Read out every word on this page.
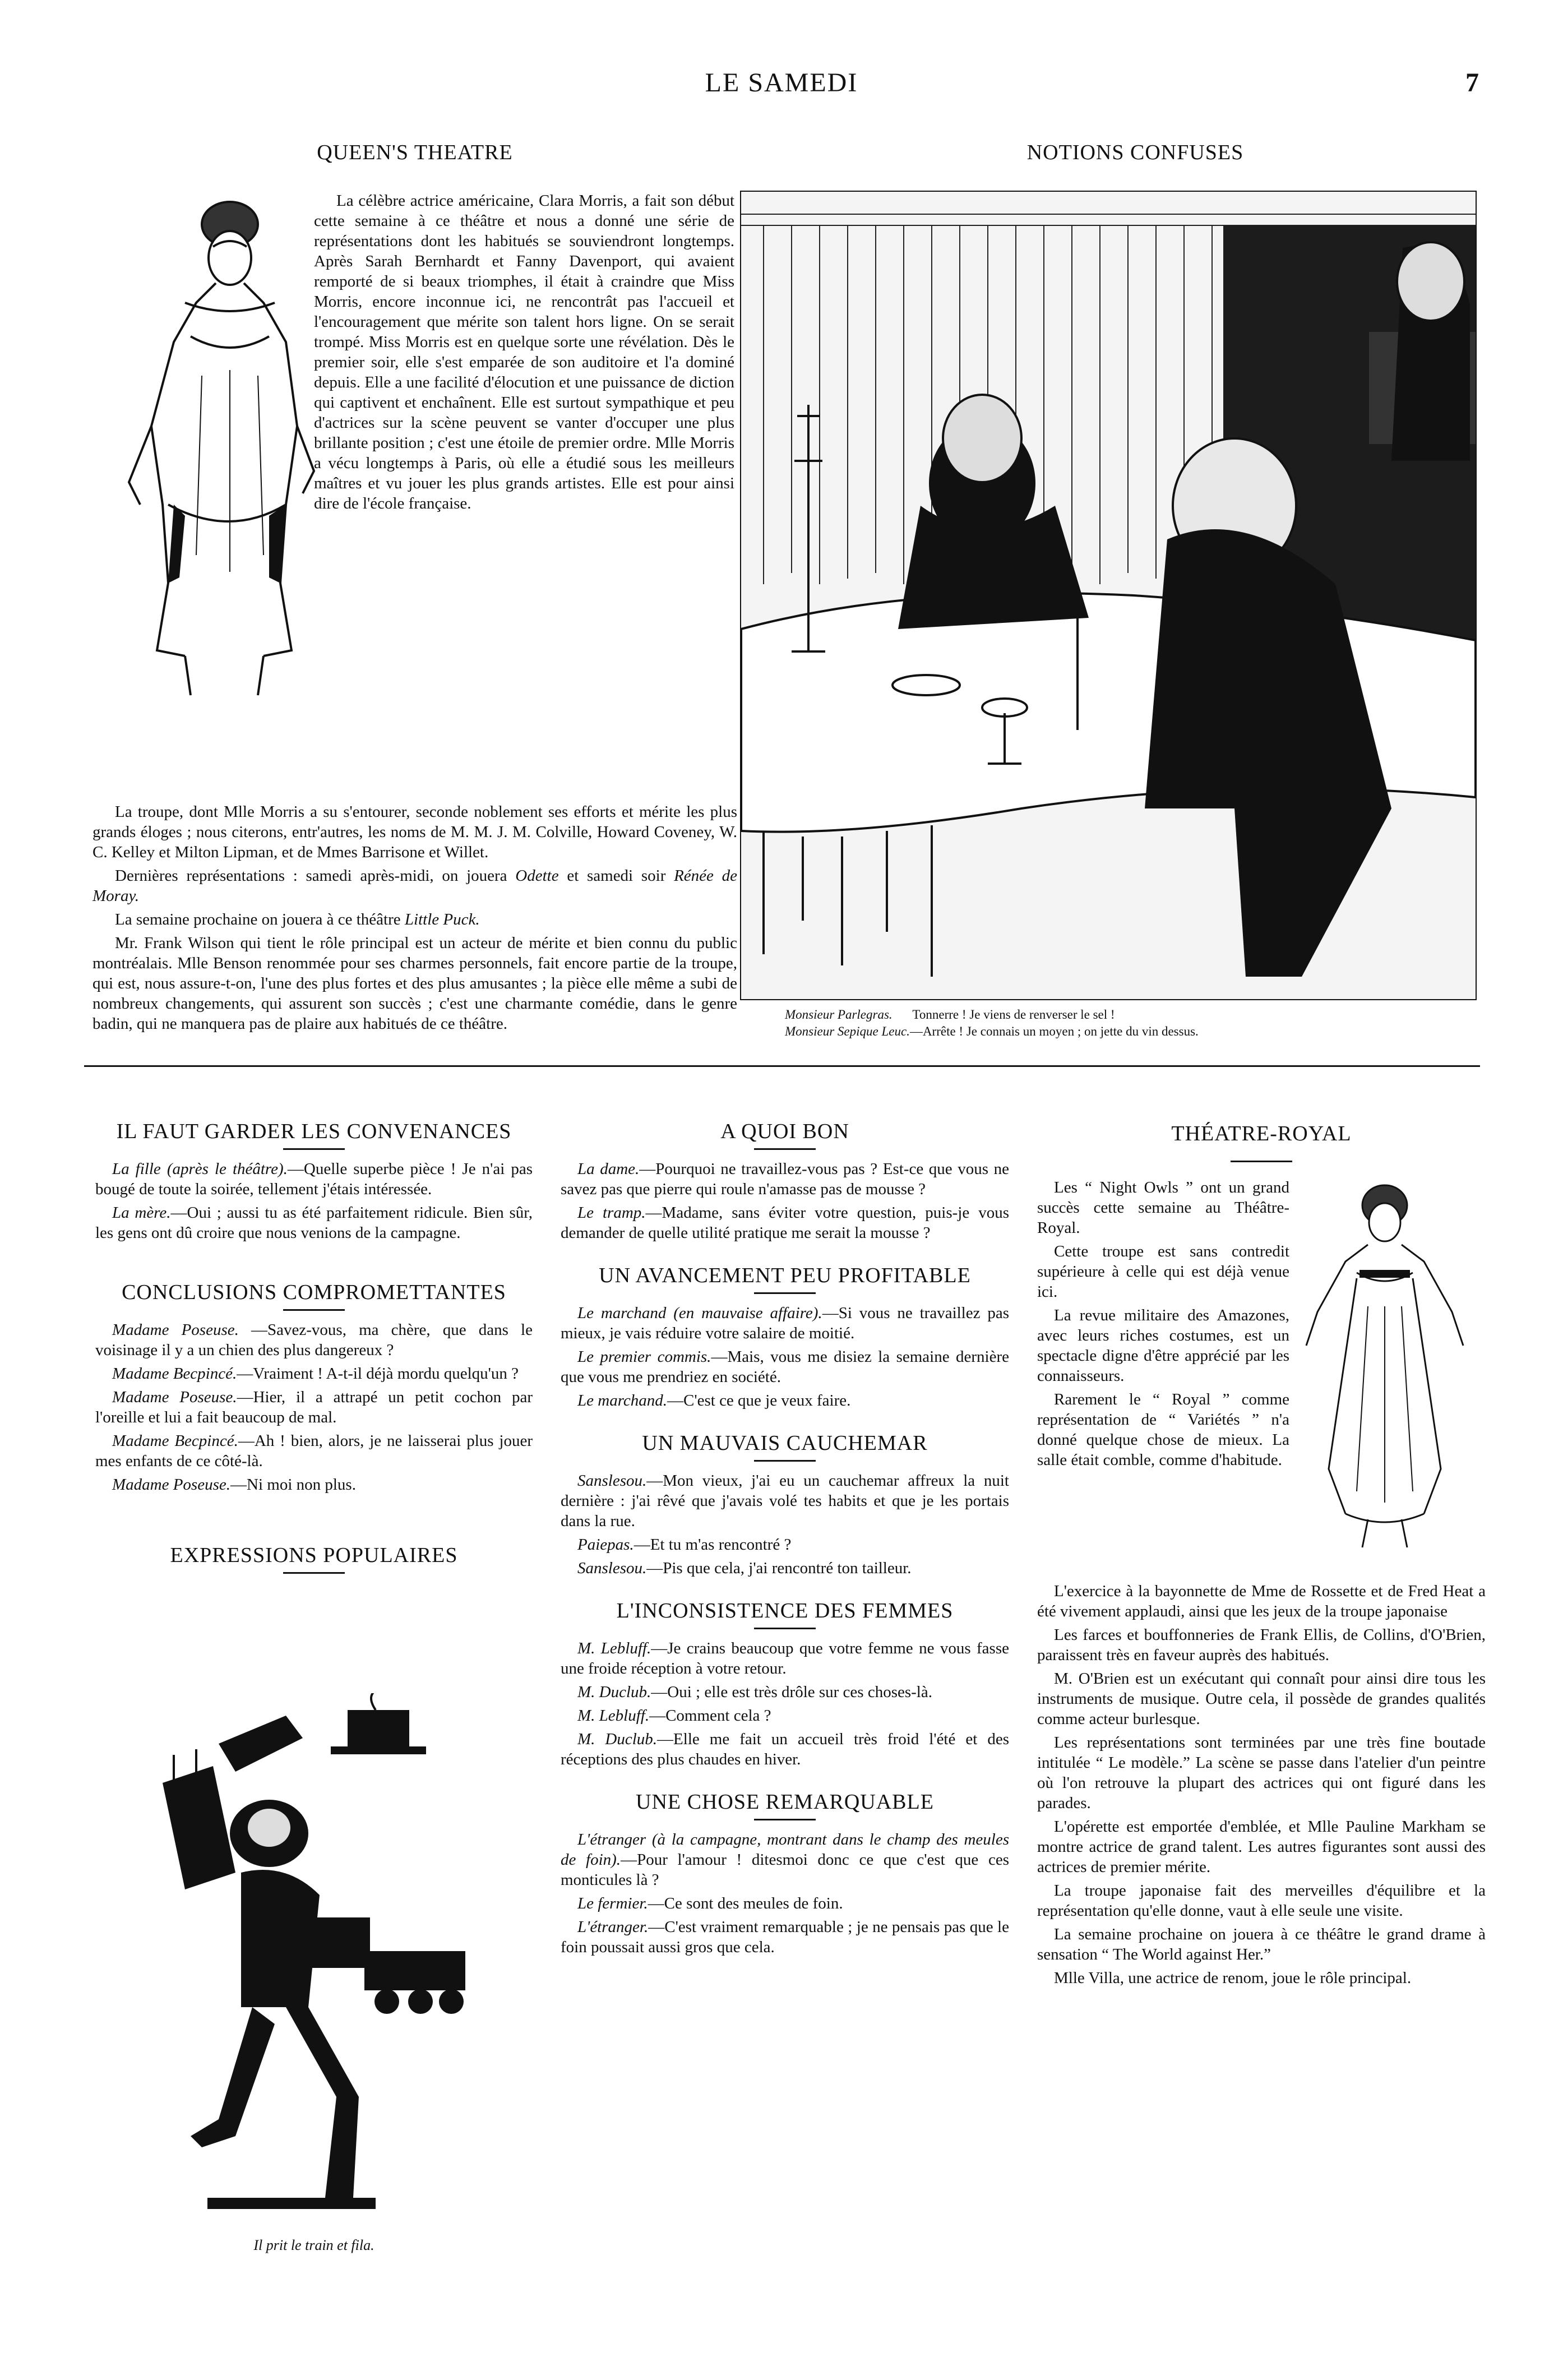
LE SAMEDI	7
QUEEN'S THEATRE

La célèbre actrice américaine, Clara Morris, a fait son début cette semaine à ce théâtre et nous a donné une série de représentations dont les habitués se souviendront longtemps. Après Sarah Bernhardt et Fanny Davenport, qui avaient remporté de si beaux triomphes, il était à craindre que Miss Morris, encore inconnue ici, ne rencontrât pas l'accueil et l'encouragement que mérite son talent hors ligne. On se serait trompé. Miss Morris est en quelque sorte une révélation. Dès le premier soir, elle s'est emparée de son auditoire et l'a dominé depuis. Elle a une facilité d'élocution et une puissance de diction qui captivent et enchaînent. Elle est surtout sympathique et peu d'actrices sur la scène peuvent se vanter d'occuper une plus brillante position ; c'est une étoile de premier ordre. Mlle Morris a vécu longtemps à Paris, où elle a étudié sous les meilleurs maîtres et vu jouer les plus grands artistes. Elle est pour ainsi dire de l'école française.

La troupe, dont Mlle Morris a su s'entourer, seconde noblement ses efforts et mérite les plus grands éloges ; nous citerons, entr'autres, les noms de M. M. J. M. Colville, Howard Coveney, W. C. Kelley et Milton Lipman, et de Mmes Barrisone et Willet.

Dernières représentations : samedi après-midi, on jouera Odette et samedi soir Rénée de Moray.

La semaine prochaine on jouera à ce théâtre Little Puck.

Mr. Frank Wilson qui tient le rôle principal est un acteur de mérite et bien connu du public montréalais. Mlle Benson renommée pour ses charmes personnels, fait encore partie de la troupe, qui est, nous assure-t-on, l'une des plus fortes et des plus amusantes ; la pièce elle même a subi de nombreux changements, qui assurent son succès ; c'est une charmante comédie, dans le genre badin, qui ne manquera pas de plaire aux habitués de ce théâtre.

NOTIONS CONFUSES
Monsieur Parlegras. Tonnerre ! Je viens de renverser le sel !
Monsieur Sepique Leuc.—Arrête ! Je connais un moyen ; on jette du vin dessus.
IL FAUT GARDER LES CONVENANCES

La fille (après le théâtre).—Quelle superbe pièce ! Je n'ai pas bougé de toute la soirée, tellement j'étais intéressée.

La mère.—Oui ; aussi tu as été parfaitement ridicule. Bien sûr, les gens ont dû croire que nous venions de la campagne.

CONCLUSIONS COMPROMETTANTES

Madame Poseuse. —Savez-vous, ma chère, que dans le voisinage il y a un chien des plus dangereux ?

Madame Becpincé.—Vraiment ! A-t-il déjà mordu quelqu'un ?

Madame Poseuse.—Hier, il a attrapé un petit cochon par l'oreille et lui a fait beaucoup de mal.

Madame Becpincé.—Ah ! bien, alors, je ne laisserai plus jouer mes enfants de ce côté-là.

Madame Poseuse.—Ni moi non plus.

EXPRESSIONS POPULAIRES
Il prit le train et fila.
A QUOI BON

La dame.—Pourquoi ne travaillez-vous pas ? Est-ce que vous ne savez pas que pierre qui roule n'amasse pas de mousse ?

Le tramp.—Madame, sans éviter votre question, puis-je vous demander de quelle utilité pratique me serait la mousse ?

UN AVANCEMENT PEU PROFITABLE

Le marchand (en mauvaise affaire).—Si vous ne travaillez pas mieux, je vais réduire votre salaire de moitié.

Le premier commis.—Mais, vous me disiez la semaine dernière que vous me prendriez en société.

Le marchand.—C'est ce que je veux faire.

UN MAUVAIS CAUCHEMAR

Sanslesou.—Mon vieux, j'ai eu un cauchemar affreux la nuit dernière : j'ai rêvé que j'avais volé tes habits et que je les portais dans la rue.

Paiepas.—Et tu m'as rencontré ?

Sanslesou.—Pis que cela, j'ai rencontré ton tailleur.

L'INCONSISTENCE DES FEMMES

M. Lebluff.—Je crains beaucoup que votre femme ne vous fasse une froide réception à votre retour.

M. Duclub.—Oui ; elle est très drôle sur ces choses-là.

M. Lebluff.—Comment cela ?

M. Duclub.—Elle me fait un accueil très froid l'été et des réceptions des plus chaudes en hiver.

UNE CHOSE REMARQUABLE

L'étranger (à la campagne, montrant dans le champ des meules de foin).—Pour l'amour ! ditesmoi donc ce que c'est que ces monticules là ?

Le fermier.—Ce sont des meules de foin.

L'étranger.—C'est vraiment remarquable ; je ne pensais pas que le foin poussait aussi gros que cela.

THÉATRE-ROYAL

Les “ Night Owls ” ont un grand succès cette semaine au Théâtre-Royal.

Cette troupe est sans contredit supérieure à celle qui est déjà venue ici.

La revue militaire des Amazones, avec leurs riches costumes, est un spectacle digne d'être apprécié par les connaisseurs.

Rarement le “ Royal ” comme représentation de “ Variétés ” n'a donné quelque chose de mieux. La salle était comble, comme d'habitude.

L'exercice à la bayonnette de Mme de Rossette et de Fred Heat a été vivement applaudi, ainsi que les jeux de la troupe japonaise

Les farces et bouffonneries de Frank Ellis, de Collins, d'O'Brien, paraissent très en faveur auprès des habitués.

M. O'Brien est un exécutant qui connaît pour ainsi dire tous les instruments de musique. Outre cela, il possède de grandes qualités comme acteur burlesque.

Les représentations sont terminées par une très fine boutade intitulée “ Le modèle.” La scène se passe dans l'atelier d'un peintre où l'on retrouve la plupart des actrices qui ont figuré dans les parades.

L'opérette est emportée d'emblée, et Mlle Pauline Markham se montre actrice de grand talent. Les autres figurantes sont aussi des actrices de premier mérite.

La troupe japonaise fait des merveilles d'équilibre et la représentation qu'elle donne, vaut à elle seule une visite.

La semaine prochaine on jouera à ce théâtre le grand drame à sensation “ The World against Her.”

Mlle Villa, une actrice de renom, joue le rôle principal.
